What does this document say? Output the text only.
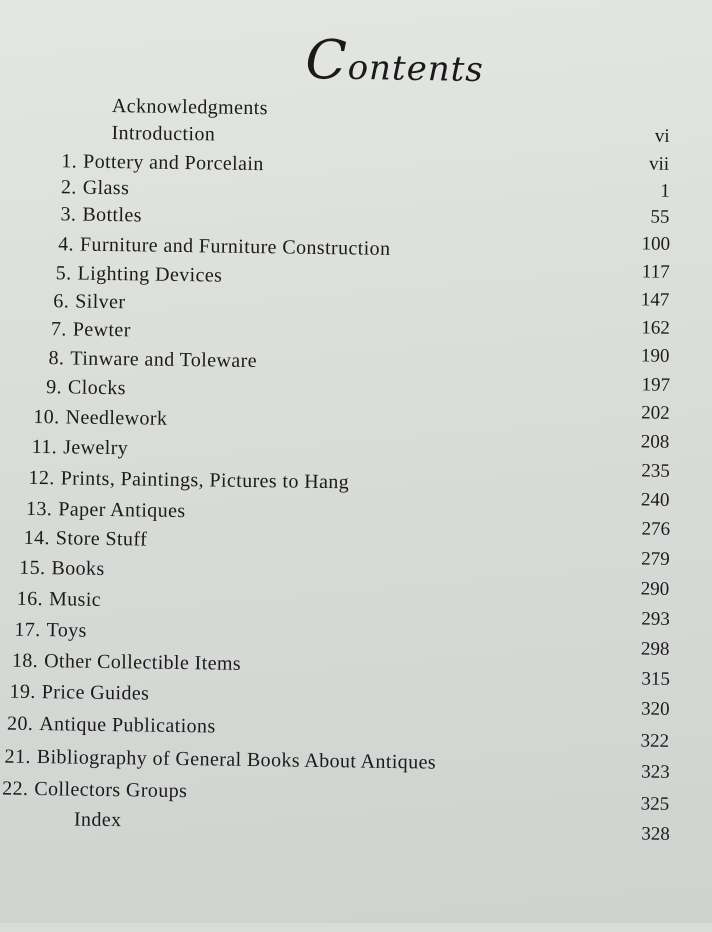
Contents
Acknowledgments
Introduction
1. Pottery and Porcelain
2. Glass
3. Bottles
4. Furniture and Furniture Construction
5. Lighting Devices
6. Silver
7. Pewter
8. Tinware and Toleware
9. Clocks
10. Needlework
11. Jewelry
12. Prints, Paintings, Pictures to Hang
13. Paper Antiques
14. Store Stuff
15. Books
16. Music
17. Toys
18. Other Collectible Items
19. Price Guides
20. Antique Publications
21. Bibliography of General Books About Antiques
22. Collectors Groups
Index
vi
vii
1
55
100
117
147
162
190
197
202
208
235
240
276
279
290
293
298
315
320
322
323
325
328
